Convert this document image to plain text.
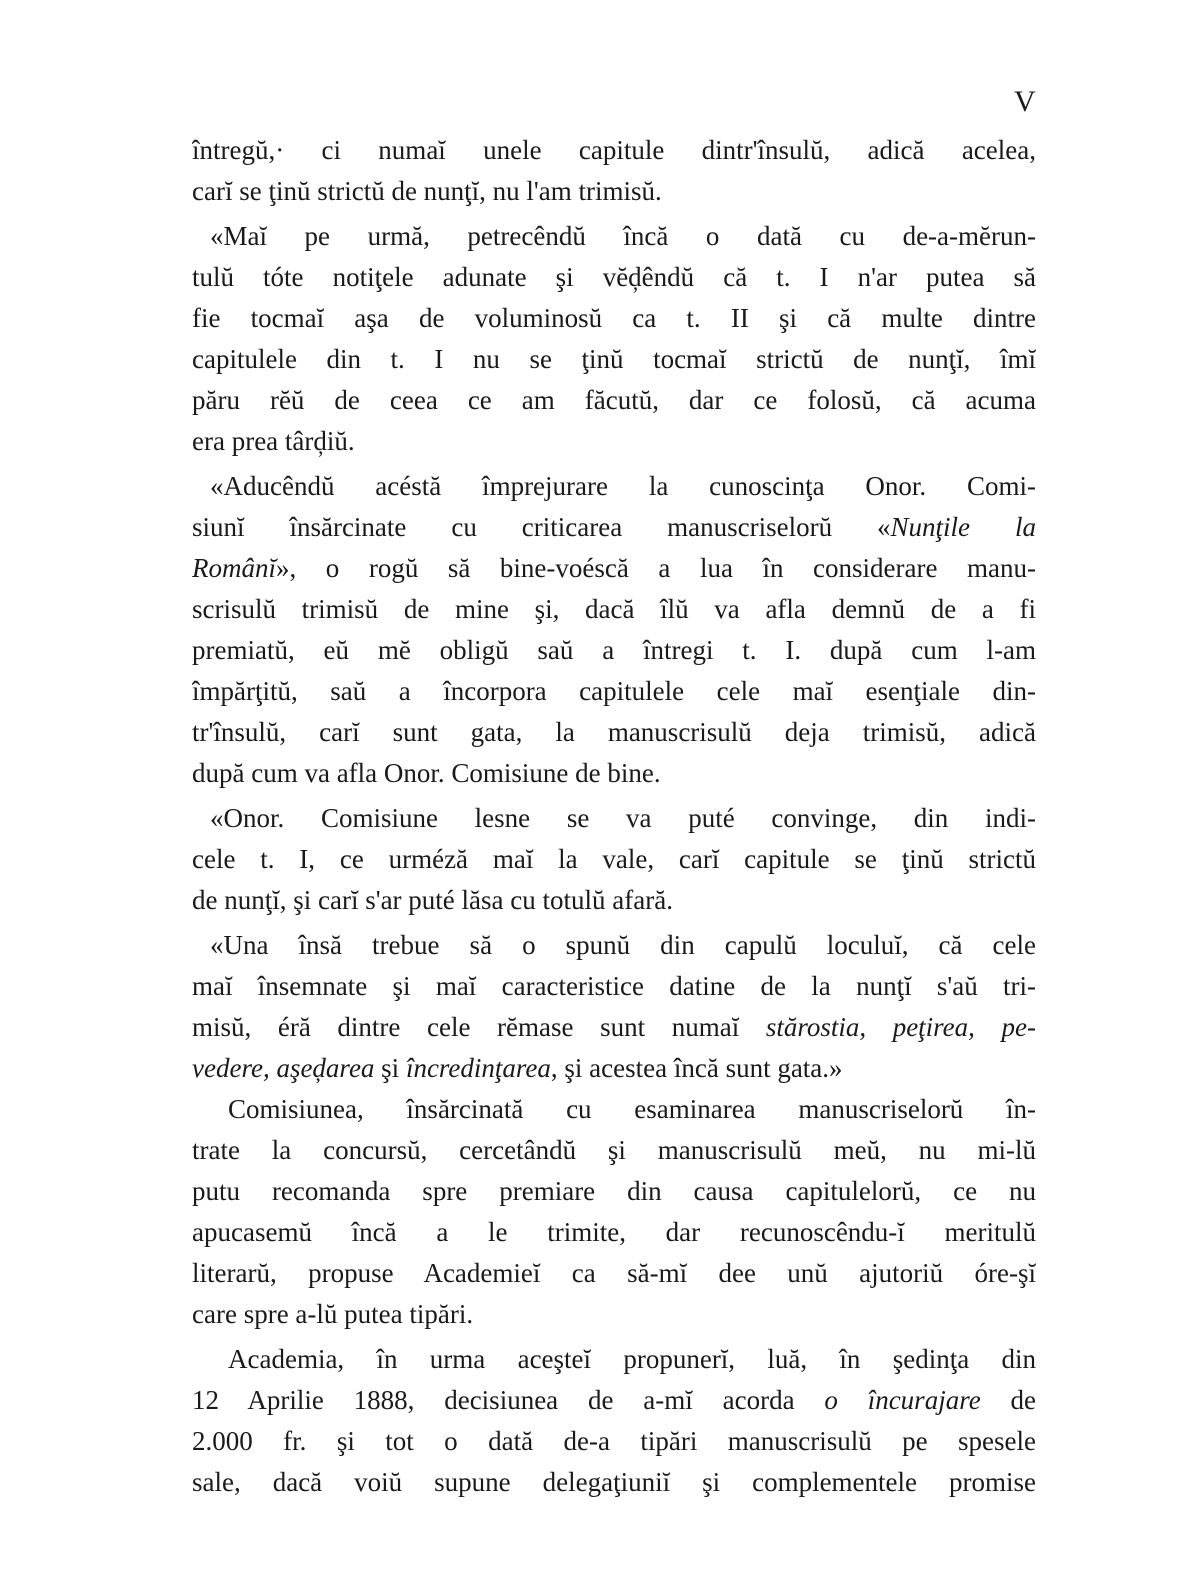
V
întregŭ,· ci numaĭ unele capitule dintr'însulŭ, adică acelea,
carĭ se ţinŭ strictŭ de nunţĭ, nu l'am trimisŭ.
«Maĭ pe urmă, petrecêndŭ încă o dată cu de-a-mĕrun-
tulŭ tóte notiţele adunate şi vĕḑêndŭ că t. I n'ar putea să
fie tocmaĭ aşa de voluminosŭ ca t. II şi că multe dintre
capitulele din t. I nu se ţinŭ tocmaĭ strictŭ de nunţĭ, îmĭ
păru rĕŭ de ceea ce am făcutŭ, dar ce folosŭ, că acuma
era prea târḑiŭ.
«Aducêndŭ acéstă împrejurare la cunoscinţa Onor. Comi-
siunĭ însărcinate cu criticarea manuscriselorŭ «Nunţile la
Românĭ», o rogŭ să bine-voéscă a lua în considerare manu-
scrisulŭ trimisŭ de mine şi, dacă îlŭ va afla demnŭ de a fi
premiatŭ, eŭ mĕ obligŭ saŭ a întregi t. I. după cum l-am
împărţitŭ, saŭ a încorpora capitulele cele maĭ esenţiale din-
tr'însulŭ, carĭ sunt gata, la manuscrisulŭ deja trimisŭ, adică
după cum va afla Onor. Comisiune de bine.
«Onor. Comisiune lesne se va puté convinge, din indi-
cele t. I, ce urméză maĭ la vale, carĭ capitule se ţinŭ strictŭ
de nunţĭ, şi carĭ s'ar puté lăsa cu totulŭ afară.
«Una însă trebue să o spunŭ din capulŭ loculuĭ, că cele
maĭ însemnate şi maĭ caracteristice datine de la nunţĭ s'aŭ tri-
misŭ, éră dintre cele rĕmase sunt numaĭ stărostia, peţirea, pe-
vedere, aşeḑarea şi încredinţarea, şi acestea încă sunt gata.»
Comisiunea, însărcinată cu esaminarea manuscriselorŭ în-
trate la concursŭ, cercetândŭ şi manuscrisulŭ meŭ, nu mi-lŭ
putu recomanda spre premiare din causa capitulelorŭ, ce nu
apucasemŭ încă a le trimite, dar recunoscêndu-ĭ meritulŭ
literarŭ, propuse Academieĭ ca să-mĭ dee unŭ ajutoriŭ óre-şĭ
care spre a-lŭ putea tipări.
Academia, în urma aceşteĭ propunerĭ, luă, în şedinţa din
12 Aprilie 1888, decisiunea de a-mĭ acorda o încurajare de
2.000 fr. şi tot o dată de-a tipări manuscrisulŭ pe spesele
sale, dacă voiŭ supune delegaţiuniĭ şi complementele promise
